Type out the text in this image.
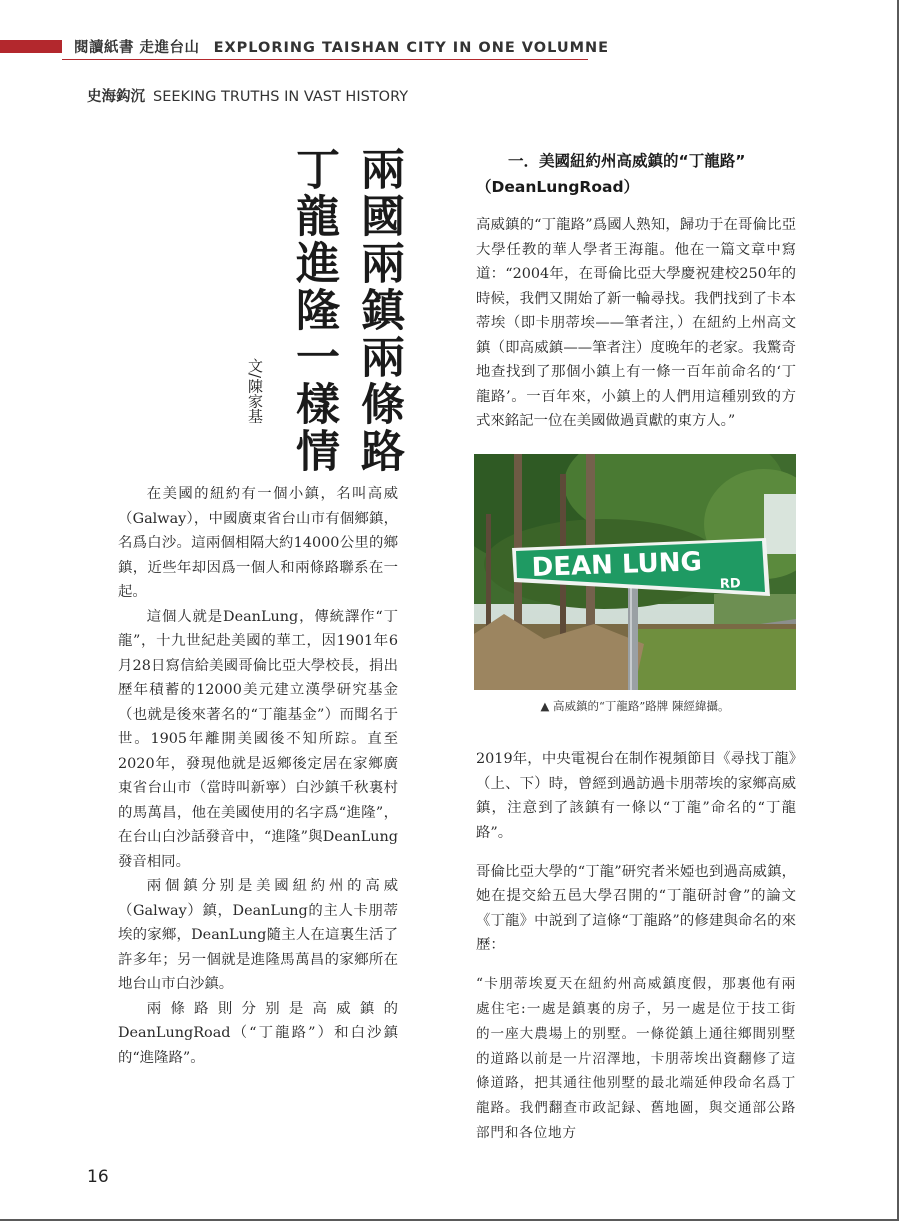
閱讀紙書 走進台山 EXPLORING TAISHAN CITY IN ONE VOLUMNE
史海鈎沉 SEEKING TRUTHS IN VAST HISTORY
兩國兩鎮兩條路
丁龍進隆一樣情
文/陳家基

在美國的紐約有一個小鎮，名叫高威（Galway），中國廣東省台山市有個鄉鎮，名爲白沙。這兩個相隔大約14000公里的鄉鎮，近些年却因爲一個人和兩條路聯系在一起。

這個人就是DeanLung，傳統譯作“丁龍”，十九世紀赴美國的華工，因1901年6月28日寫信給美國哥倫比亞大學校長，捐出歷年積蓄的12000美元建立漢學研究基金（也就是後來著名的“丁龍基金”）而聞名于世。1905年離開美國後不知所踪。直至2020年，發現他就是返鄉後定居在家鄉廣東省台山市（當時叫新寧）白沙鎮千秋裏村的馬萬昌，他在美國使用的名字爲“進隆”，在台山白沙話發音中，“進隆”與DeanLung發音相同。

兩個鎮分别是美國紐約州的高威（Galway）鎮，DeanLung的主人卡朋蒂埃的家鄉，DeanLung隨主人在這裏生活了許多年；另一個就是進隆馬萬昌的家鄉所在地台山市白沙鎮。

兩條路則分别是高威鎮的DeanLungRoad（“丁龍路”）和白沙鎮的“進隆路”。

一．美國紐約州高威鎮的“丁龍路”
（DeanLungRoad）

高威鎮的“丁龍路”爲國人熟知，歸功于在哥倫比亞大學任教的華人學者王海龍。他在一篇文章中寫道：“2004年，在哥倫比亞大學慶祝建校250年的時候，我們又開始了新一輪尋找。我們找到了卡本蒂埃（即卡朋蒂埃——筆者注，）在紐約上州高文鎮（即高威鎮——筆者注）度晚年的老家。我驚奇地查找到了那個小鎮上有一條一百年前命名的‘丁龍路’。一百年來，小鎮上的人們用這種别致的方式來銘記一位在美國做過貢獻的東方人。”

DEAN LUNG
RD
▲ 高威鎮的“丁龍路”路牌 陳經緯攝。

2019年，中央電視台在制作視頻節目《尋找丁龍》（上、下）時，曾經到過訪過卡朋蒂埃的家鄉高威鎮，注意到了該鎮有一條以“丁龍”命名的“丁龍路”。

哥倫比亞大學的“丁龍”研究者米婭也到過高威鎮，她在提交給五邑大學召開的“丁龍研討會”的論文《丁龍》中説到了這條“丁龍路”的修建與命名的來歷：

“卡朋蒂埃夏天在紐約州高威鎮度假，那裏他有兩處住宅:一處是鎮裏的房子，另一處是位于技工街的一座大農場上的别墅。一條從鎮上通往鄉間别墅的道路以前是一片沼澤地，卡朋蒂埃出資翻修了這條道路，把其通往他别墅的最北端延伸段命名爲丁龍路。我們翻查市政記録、舊地圖，與交通部公路部門和各位地方

16
